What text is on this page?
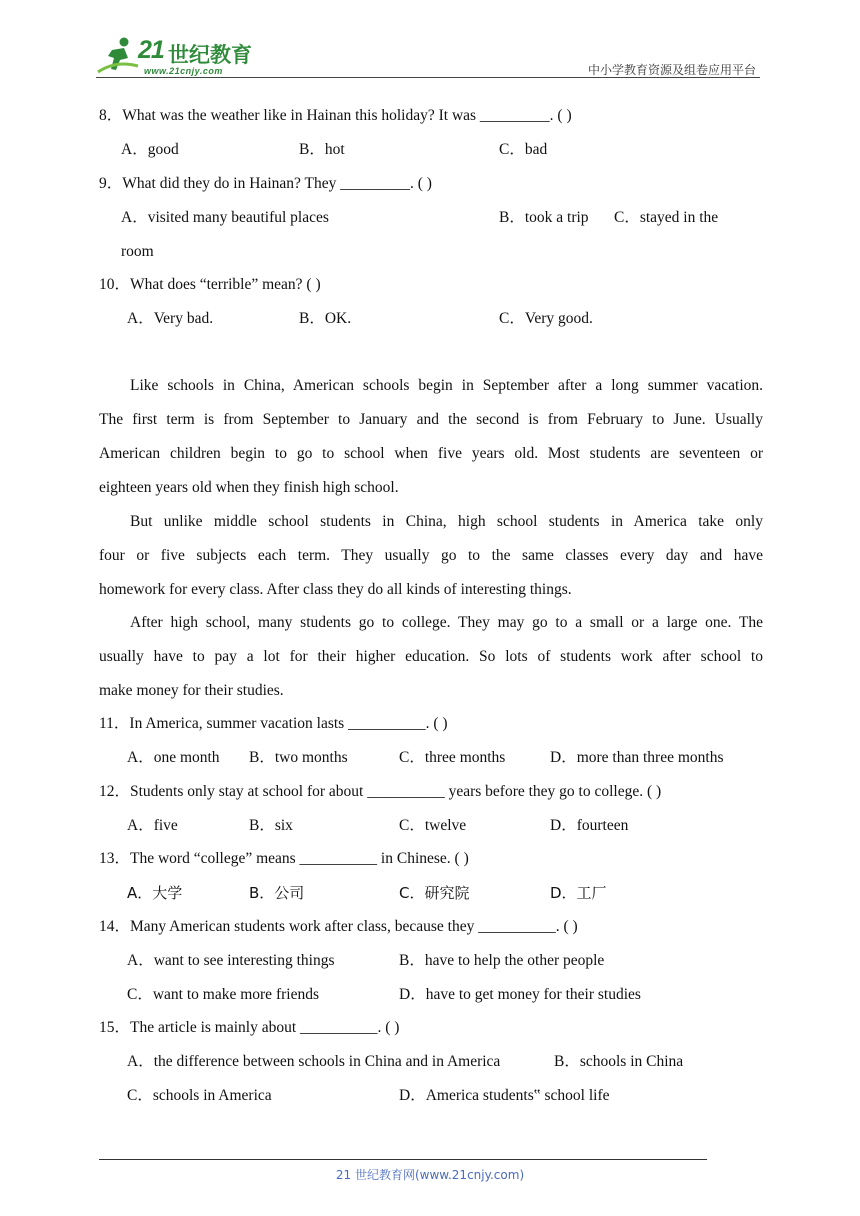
21 世纪教育
www.21cnjy.com	中小学教育资源及组卷应用平台
8．What was the weather like in Hainan this holiday? It was _________. ( )
A．good	B．hot	C．bad
9．What did they do in Hainan? They _________. ( )
A．visited many beautiful places	B．took a trip C．stayed in the
room
10．What does “terrible” mean? ( )
A．Very bad.	B．OK.	C．Very good.
Like schools in China, American schools begin in September after a long summer vacation.
The first term is from September to January and the second is from February to June. Usually
American children begin to go to school when five years old. Most students are seventeen or
eighteen years old when they finish high school.
But unlike middle school students in China, high school students in America take only
four or five subjects each term. They usually go to the same classes every day and have
homework for every class. After class they do all kinds of interesting things.
After high school, many students go to college. They may go to a small or a large one. The
usually have to pay a lot for their higher education. So lots of students work after school to
make money for their studies.
11．In America, summer vacation lasts __________. ( )
A．one month B．two months	C．three months	D．more than three months
12．Students only stay at school for about __________ years before they go to college. ( )
A．five	B．six	C．twelve	D．fourteen
13．The word “college” means __________ in Chinese. ( )
A．大学	B．公司	C．研究院	D．工厂
14．Many American students work after class, because they __________. ( )
A．want to see interesting things	B．have to help the other people
C．want to make more friends	D．have to get money for their studies
15．The article is mainly about __________. ( )
A．the difference between schools in China and in America	B．schools in China
C．schools in America	D．America students‟ school life
21 世纪教育网(www.21cnjy.com)
